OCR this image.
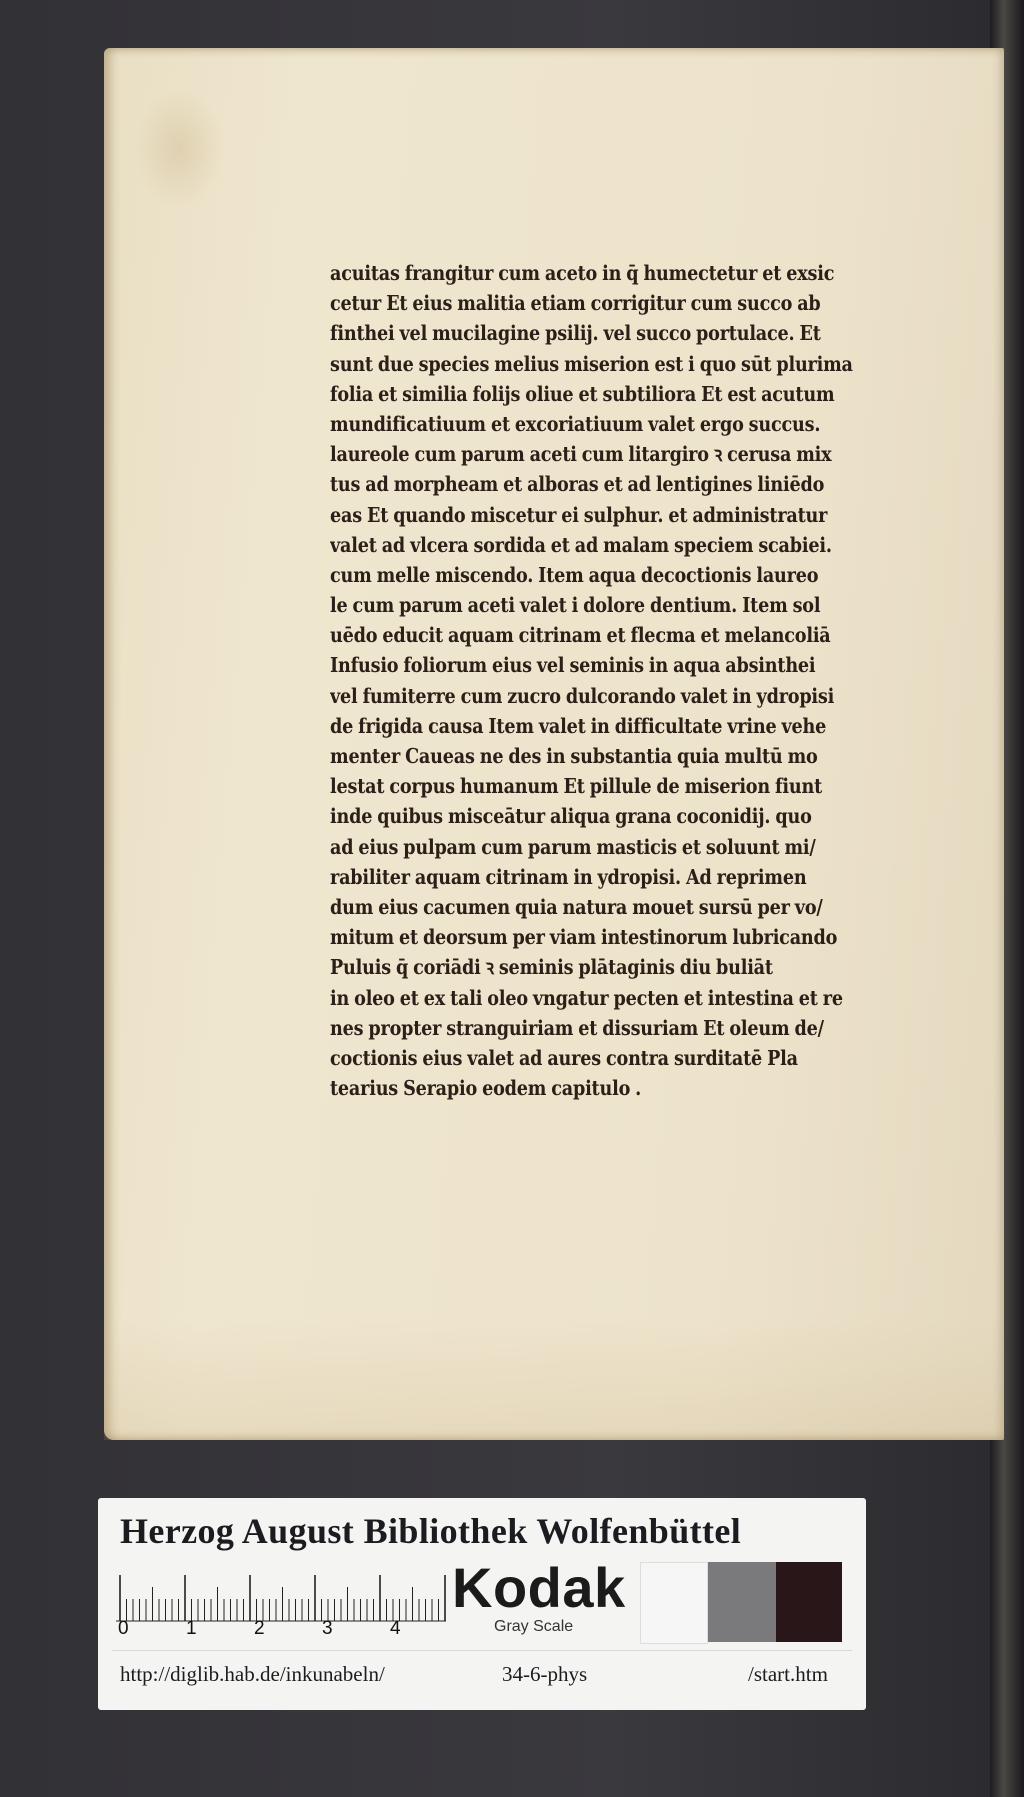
acuitas frangitur cum aceto in q̄ humectetur et exsic
cetur Et eius malitia etiam corrigitur cum succo ab
finthei vel mucilagine psilij. vel succo portulace. Et
sunt due species melius miserion est i quo sūt plurima
folia et similia folijs oliue et subtiliora Et est acutum
mundificatiuum et excoriatiuum valet ergo succus.
laureole cum parum aceti cum litargiro ꝛ cerusa mix
tus ad morpheam et alboras et ad lentigines liniēdo
eas Et quando miscetur ei sulphur. et administratur
valet ad vlcera sordida et ad malam speciem scabiei.
cum melle miscendo. Item aqua decoctionis laureo
le cum parum aceti valet i dolore dentium. Item sol
uēdo educit aquam citrinam et flecma et melancoliā
Infusio foliorum eius vel seminis in aqua absinthei
vel fumiterre cum zucro dulcorando valet in ydropisi
de frigida causa Item valet in difficultate vrine vehe
menter Caueas ne des in substantia quia multū mo
lestat corpus humanum Et pillule de miserion fiunt
inde quibus misceātur aliqua grana coconidij. quo
ad eius pulpam cum parum masticis et soluunt mi/
rabiliter aquam citrinam in ydropisi. Ad reprimen
dum eius cacumen quia natura mouet sursū per vo/
mitum et deorsum per viam intestinorum lubricando
Puluis q̄ coriādi ꝛ seminis plātaginis diu buliāt
in oleo et ex tali oleo vngatur pecten et intestina et re
nes propter stranguiriam et dissuriam Et oleum de/
coctionis eius valet ad aures contra surditatē Pla
tearius Serapio eodem capitulo .
Herzog August Bibliothek Wolfenbüttel
0	1	2	3	4
Kodak
Gray Scale
http://diglib.hab.de/inkunabeln/	34-6-phys	/start.htm
